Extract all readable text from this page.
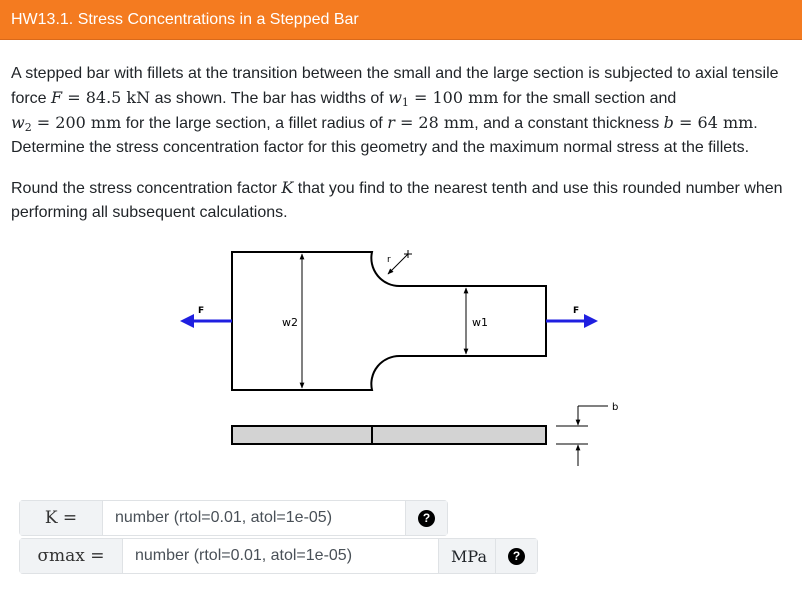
HW13.1. Stress Concentrations in a Stepped Bar

A stepped bar with fillets at the transition between the small and the large section is subjected to axial tensile force F = 84.5 kN as shown. The bar has widths of $w_1 = 100$ mm for the small section and $w_2 = 200$ mm for the large section, a fillet radius of r = 28 mm, and a constant thickness b = 64 mm. Determine the stress concentration factor for this geometry and the maximum normal stress at the fillets.

Round the stress concentration factor K that you find to the nearest tenth and use this rounded number when performing all subsequent calculations.

w2	w1
r
F	F
b
K = number (rtol=0.01, atol=1e-05)	?
σmax = number (rtol=0.01, atol=1e-05)	MPa	?
